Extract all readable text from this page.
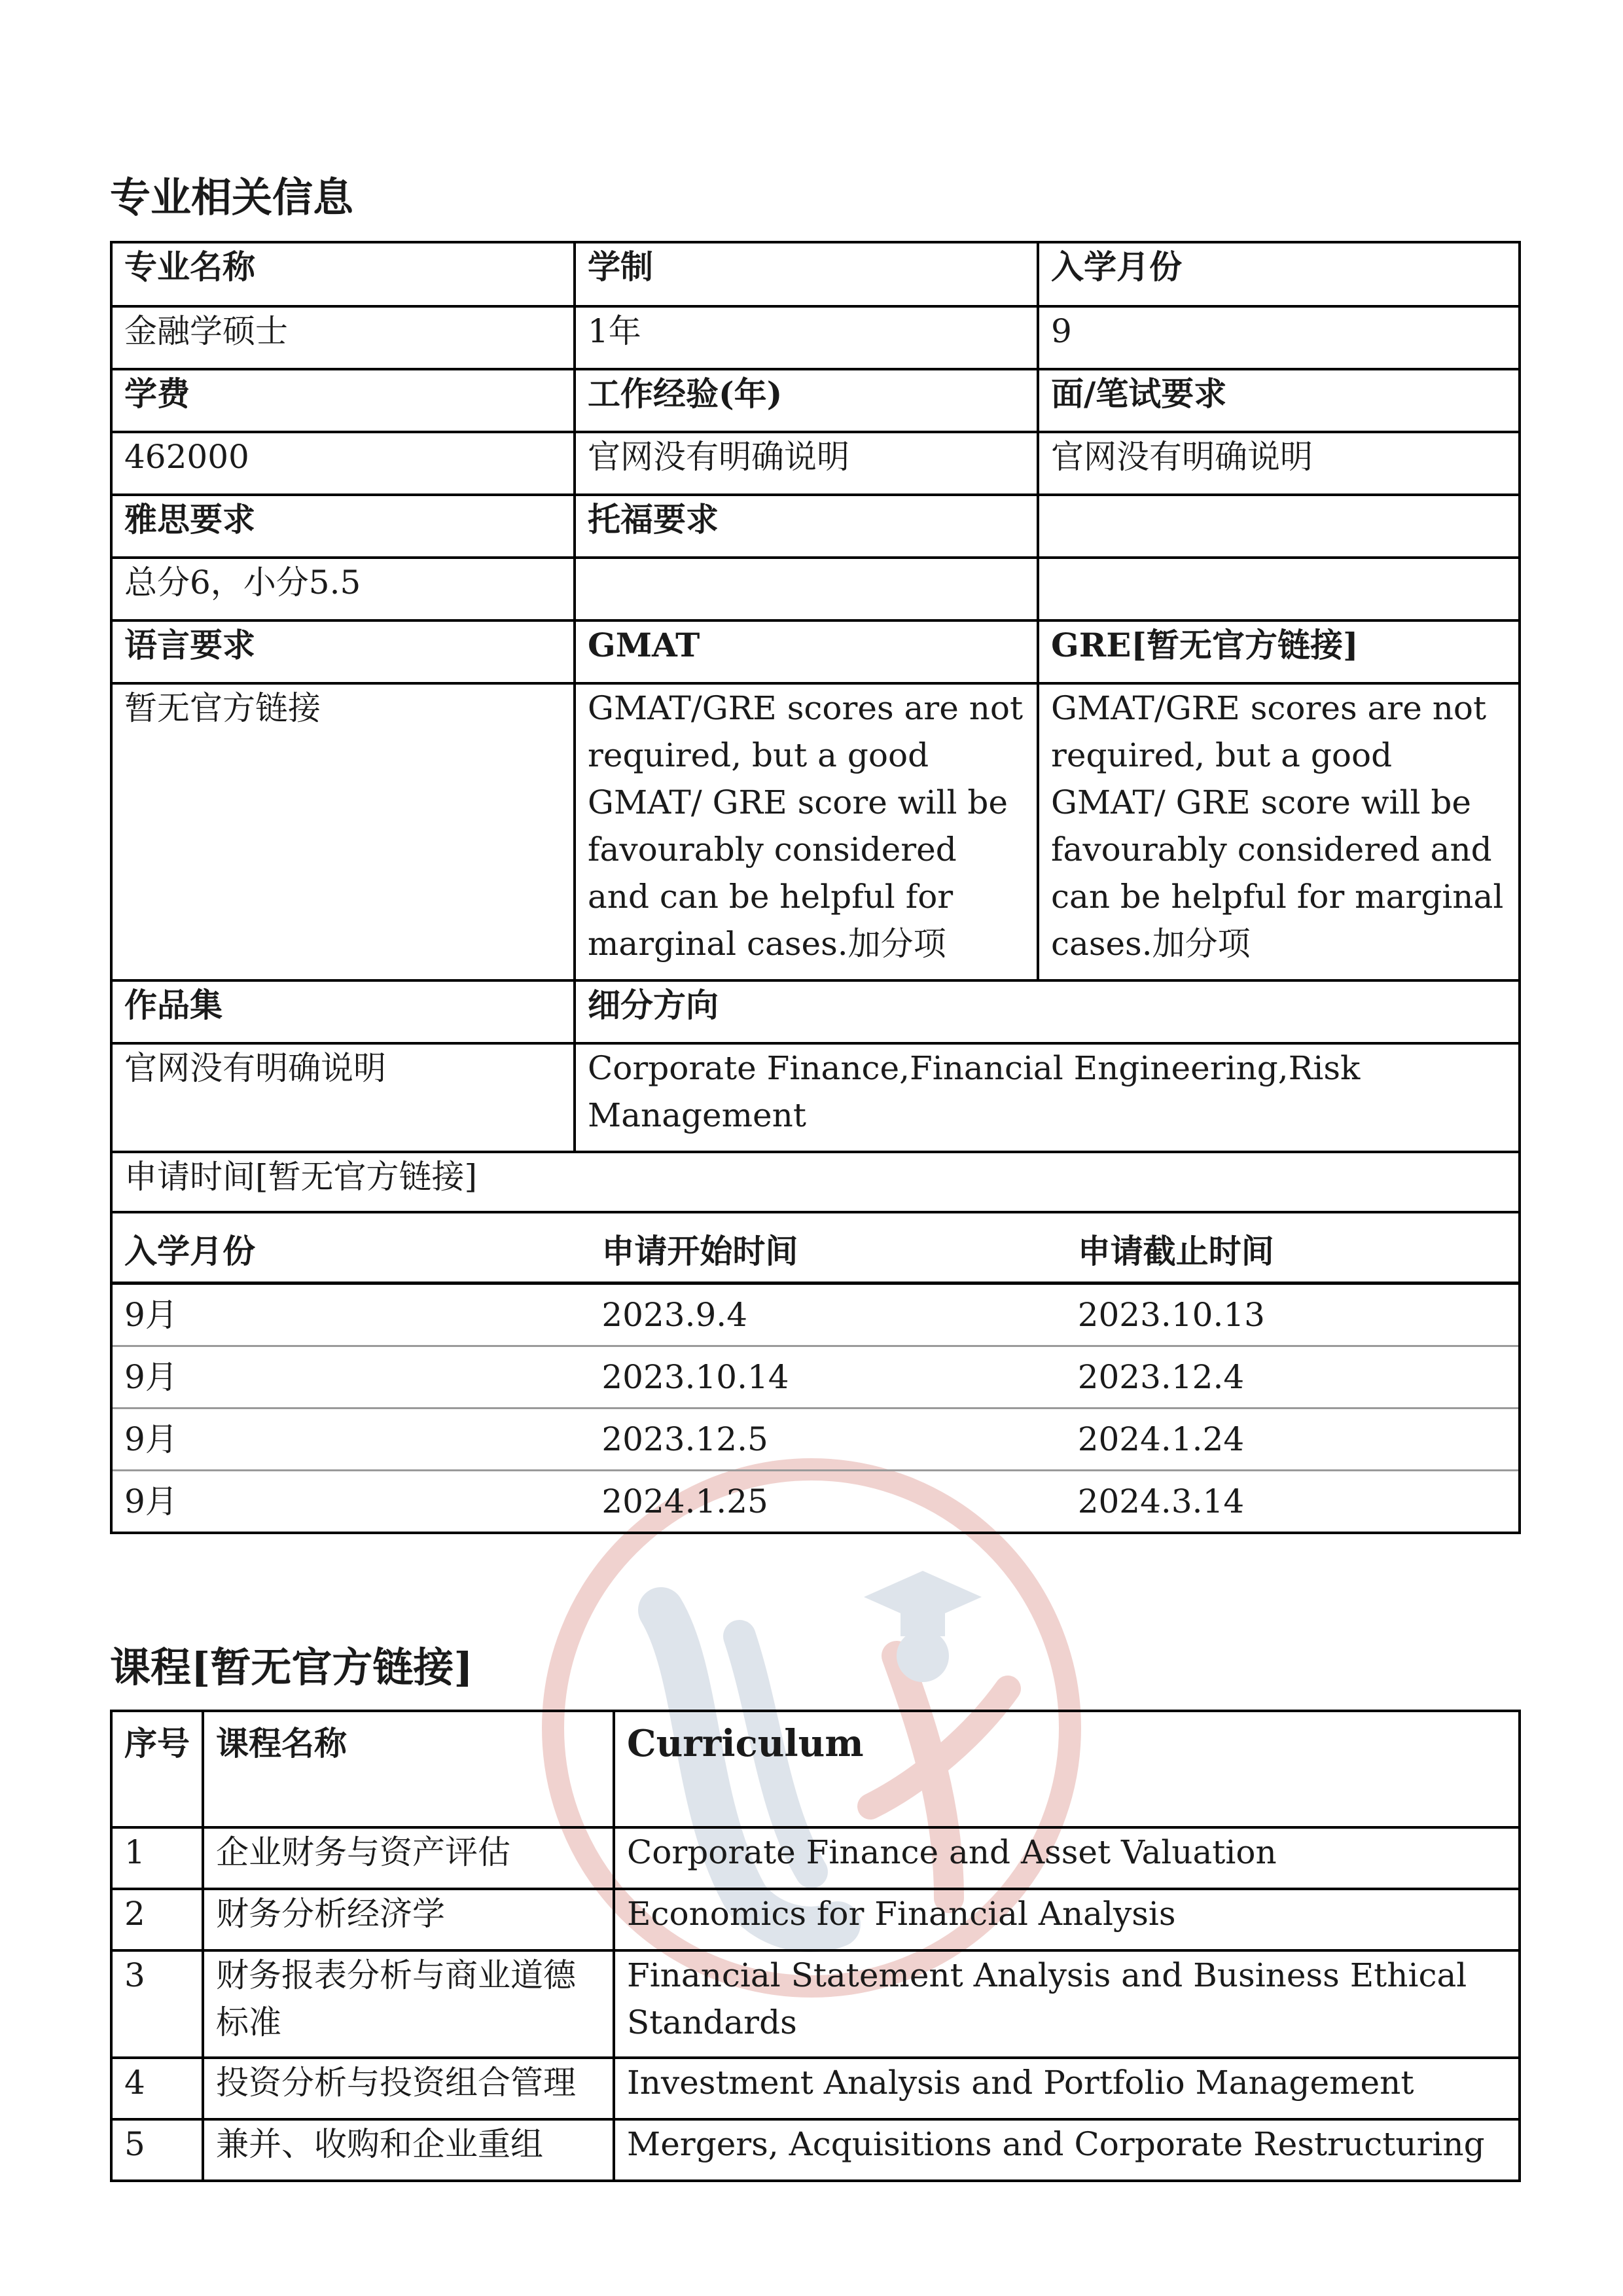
专业相关信息
专业名称	学制	入学月份
金融学硕士	1年	9
学费	工作经验(年)	面/笔试要求
462000	官网没有明确说明	官网没有明确说明
雅思要求	托福要求	
总分6，小分5.5		
语言要求	GMAT	GRE[暂无官方链接]
暂无官方链接	GMAT/GRE scores are not required, but a good GMAT/ GRE score will be favourably considered and can be helpful for marginal cases.加分项	GMAT/GRE scores are not required, but a good GMAT/ GRE score will be favourably considered and can be helpful for marginal cases.加分项
作品集	细分方向
官网没有明确说明	Corporate Finance,Financial Engineering,Risk Management
申请时间[暂无官方链接]

入学月份	申请开始时间	申请截止时间
9月	2023.9.4	2023.10.13
9月	2023.10.14	2023.12.4
9月	2023.12.5	2024.1.24
9月	2024.1.25	2024.3.14
课程[暂无官方链接]
序号	课程名称	Curriculum
1	企业财务与资产评估	Corporate Finance and Asset Valuation
2	财务分析经济学	Economics for Financial Analysis
3	财务报表分析与商业道德标准	Financial Statement Analysis and Business Ethical Standards
4	投资分析与投资组合管理	Investment Analysis and Portfolio Management
5	兼并、收购和企业重组	Mergers, Acquisitions and Corporate Restructuring
